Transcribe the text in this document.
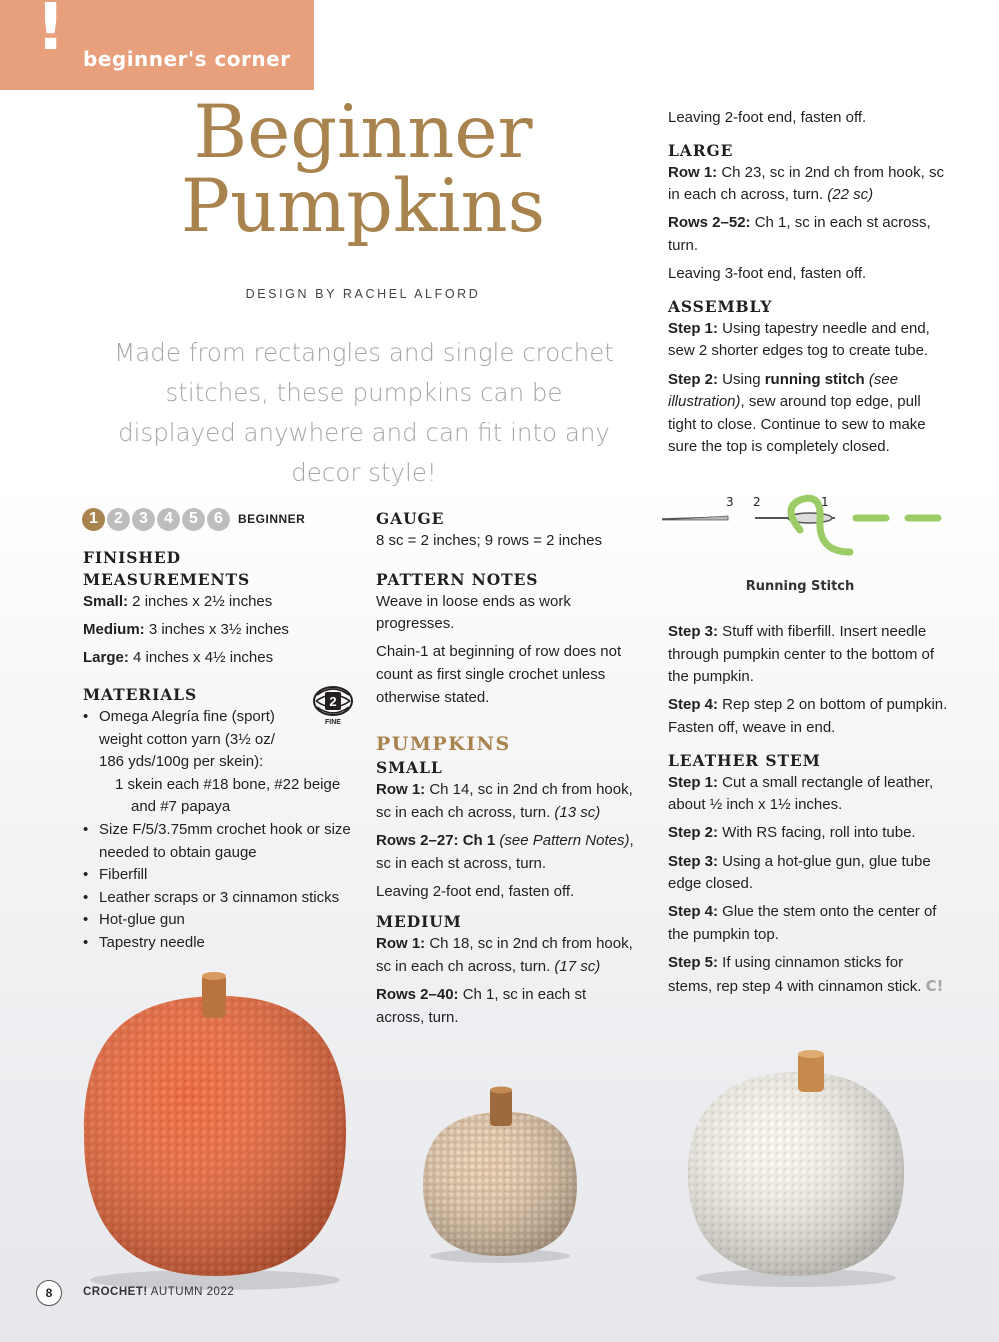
! beginner's corner
Beginner
Pumpkins
DESIGN BY RACHEL ALFORD
Made from rectangles and single crochet stitches, these pumpkins can be displayed anywhere and can fit into any decor style!
1	2	3	4	5	6	BEGINNER
FINISHED MEASUREMENTS

Small: 2 inches x 2½ inches

Medium: 3 inches x 3½ inches

Large: 4 inches x 4½ inches

MATERIALS
• Omega Alegría fine (sport)
weight cotton yarn (3½ oz/
186 yds/100g per skein):
1 skein each #18 bone, #22 beige
and #7 papaya
• Size F/5/3.75mm crochet hook or size
needed to obtain gauge
• Fiberfill
• Leather scraps or 3 cinnamon sticks
• Hot-glue gun
• Tapestry needle
2
FINE
GAUGE

8 sc = 2 inches; 9 rows = 2 inches

PATTERN NOTES

Weave in loose ends as work progresses.

Chain-1 at beginning of row does not count as first single crochet unless otherwise stated.

PUMPKINS
SMALL

Row 1: Ch 14, sc in 2nd ch from hook, sc in each ch across, turn. (13 sc)

Rows 2–27: Ch 1 (see Pattern Notes), sc in each st across, turn.

Leaving 2-foot end, fasten off.

MEDIUM

Row 1: Ch 18, sc in 2nd ch from hook, sc in each ch across, turn. (17 sc)

Rows 2–40: Ch 1, sc in each st across, turn.

Leaving 2-foot end, fasten off.

LARGE

Row 1: Ch 23, sc in 2nd ch from hook, sc in each ch across, turn. (22 sc)

Rows 2–52: Ch 1, sc in each st across, turn.

Leaving 3-foot end, fasten off.

ASSEMBLY

Step 1: Using tapestry needle and end, sew 2 shorter edges tog to create tube.

Step 2: Using running stitch (see illustration), sew around top edge, pull tight to close. Continue to sew to make sure the top is completely closed.

3 2	1
Running Stitch

Step 3: Stuff with fiberfill. Insert needle through pumpkin center to the bottom of the pumpkin.

Step 4: Rep step 2 on bottom of pumpkin. Fasten off, weave in end.

LEATHER STEM

Step 1: Cut a small rectangle of leather, about ½ inch x 1½ inches.

Step 2: With RS facing, roll into tube.

Step 3: Using a hot-glue gun, glue tube edge closed.

Step 4: Glue the stem onto the center of the pumpkin top.

Step 5: If using cinnamon sticks for stems, rep step 4 with cinnamon stick. C!

8	CROCHET! AUTUMN 2022
